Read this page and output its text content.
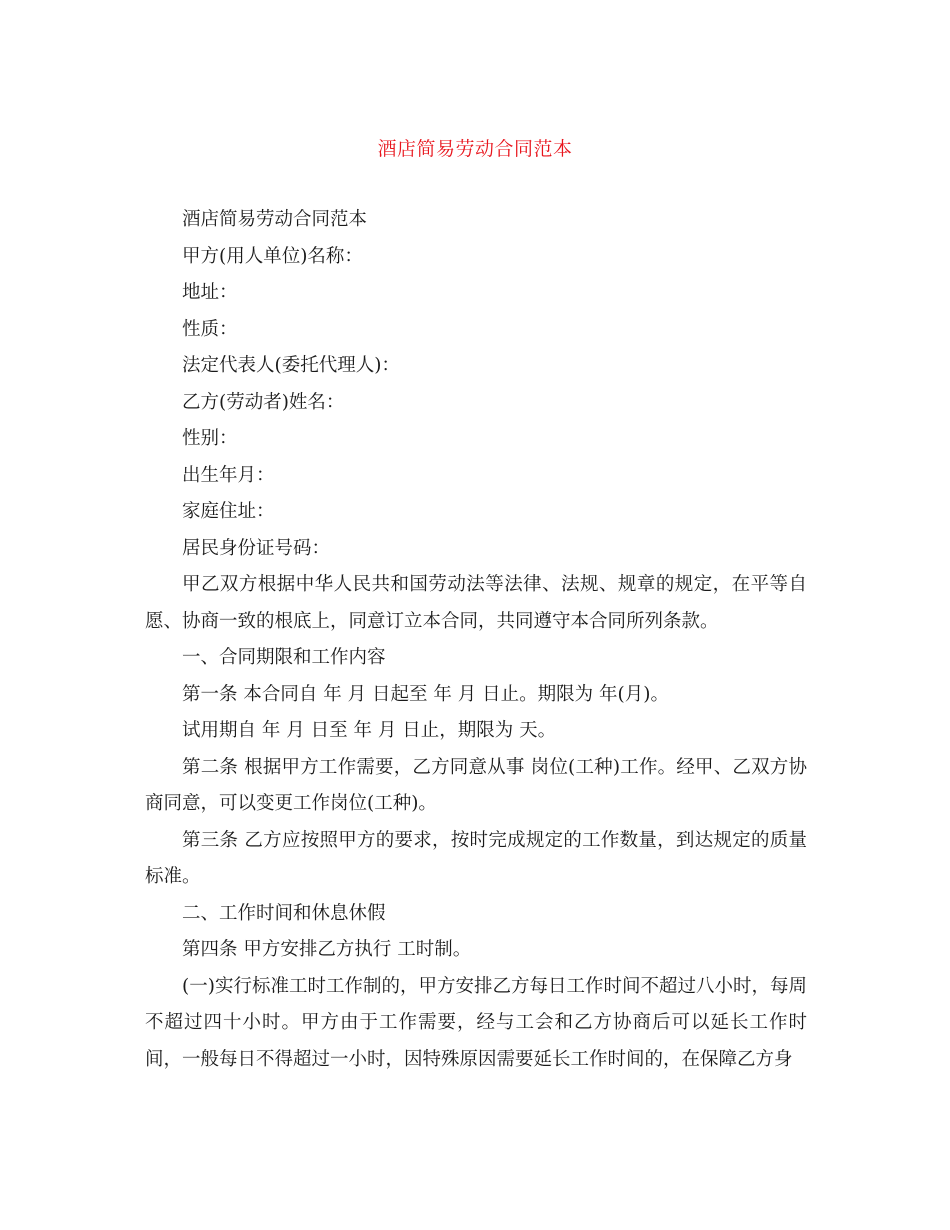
酒店简易劳动合同范本

酒店简易劳动合同范本

甲方(用人单位)名称：

地址：

性质：

法定代表人(委托代理人)：

乙方(劳动者)姓名：

性别：

出生年月：

家庭住址：

居民身份证号码：

甲乙双方根据中华人民共和国劳动法等法律、法规、规章的规定，在平等自愿、协商一致的根底上，同意订立本合同，共同遵守本合同所列条款。

一、合同期限和工作内容

第一条 本合同自 年 月 日起至 年 月 日止。期限为 年(月)。

试用期自 年 月 日至 年 月 日止，期限为 天。

第二条 根据甲方工作需要，乙方同意从事 岗位(工种)工作。经甲、乙双方协商同意，可以变更工作岗位(工种)。

第三条 乙方应按照甲方的要求，按时完成规定的工作数量，到达规定的质量标准。

二、工作时间和休息休假

第四条 甲方安排乙方执行 工时制。

(一)实行标准工时工作制的，甲方安排乙方每日工作时间不超过八小时，每周不超过四十小时。甲方由于工作需要，经与工会和乙方协商后可以延长工作时间，一般每日不得超过一小时，因特殊原因需要延长工作时间的，在保障乙方身
